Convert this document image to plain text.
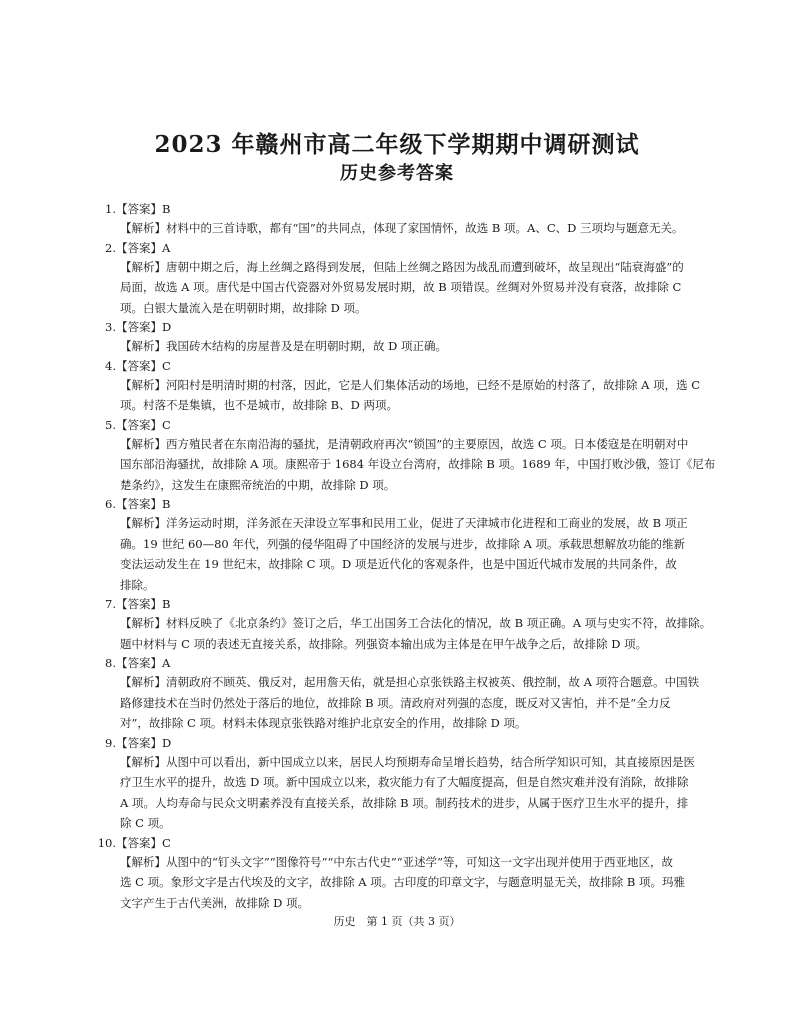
2023 年赣州市高二年级下学期期中调研测试
历史参考答案
1.【答案】B
【解析】材料中的三首诗歌，都有“国”的共同点，体现了家国情怀，故选 B 项。A、C、D 三项均与题意无关。
2.【答案】A
【解析】唐朝中期之后，海上丝绸之路得到发展，但陆上丝绸之路因为战乱而遭到破坏，故呈现出“陆衰海盛”的
局面，故选 A 项。唐代是中国古代瓷器对外贸易发展时期，故 B 项错误。丝绸对外贸易并没有衰落，故排除 C
项。白银大量流入是在明朝时期，故排除 D 项。
3.【答案】D
【解析】我国砖木结构的房屋普及是在明朝时期，故 D 项正确。
4.【答案】C
【解析】河阳村是明清时期的村落，因此，它是人们集体活动的场地，已经不是原始的村落了，故排除 A 项，选 C
项。村落不是集镇，也不是城市，故排除 B、D 两项。
5.【答案】C
【解析】西方殖民者在东南沿海的骚扰，是清朝政府再次“锁国”的主要原因，故选 C 项。日本倭寇是在明朝对中
国东部沿海骚扰，故排除 A 项。康熙帝于 1684 年设立台湾府，故排除 B 项。1689 年，中国打败沙俄，签订《尼布
楚条约》，这发生在康熙帝统治的中期，故排除 D 项。
6.【答案】B
【解析】洋务运动时期，洋务派在天津设立军事和民用工业，促进了天津城市化进程和工商业的发展，故 B 项正
确。19 世纪 60—80 年代，列强的侵华阻碍了中国经济的发展与进步，故排除 A 项。承载思想解放功能的维新
变法运动发生在 19 世纪末，故排除 C 项。D 项是近代化的客观条件，也是中国近代城市发展的共同条件，故
排除。
7.【答案】B
【解析】材料反映了《北京条约》签订之后，华工出国务工合法化的情况，故 B 项正确。A 项与史实不符，故排除。
题中材料与 C 项的表述无直接关系，故排除。列强资本输出成为主体是在甲午战争之后，故排除 D 项。
8.【答案】A
【解析】清朝政府不顾英、俄反对，起用詹天佑，就是担心京张铁路主权被英、俄控制，故 A 项符合题意。中国铁
路修建技术在当时仍然处于落后的地位，故排除 B 项。清政府对列强的态度，既反对又害怕，并不是“全力反
对”，故排除 C 项。材料未体现京张铁路对维护北京安全的作用，故排除 D 项。
9.【答案】D
【解析】从图中可以看出，新中国成立以来，居民人均预期寿命呈增长趋势，结合所学知识可知，其直接原因是医
疗卫生水平的提升，故选 D 项。新中国成立以来，救灾能力有了大幅度提高，但是自然灾难并没有消除，故排除
A 项。人均寿命与民众文明素养没有直接关系，故排除 B 项。制药技术的进步，从属于医疗卫生水平的提升，排
除 C 项。
10.【答案】C
【解析】从图中的“钉头文字”“图像符号”“中东古代史”“亚述学”等，可知这一文字出现并使用于西亚地区，故
选 C 项。象形文字是古代埃及的文字，故排除 A 项。古印度的印章文字，与题意明显无关，故排除 B 项。玛雅
文字产生于古代美洲，故排除 D 项。
历史　第 1 页（共 3 页）
